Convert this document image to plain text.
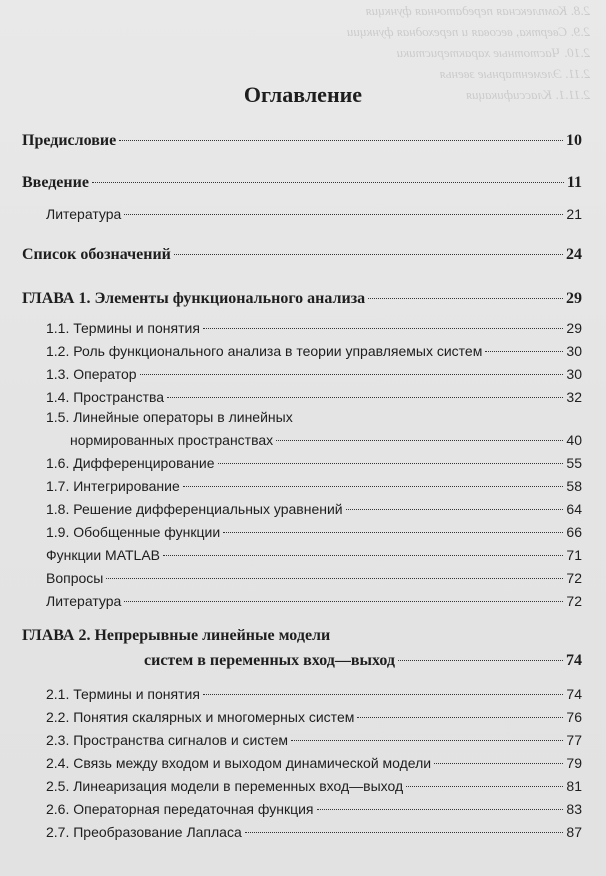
2.8. Комплексная передаточная функция
2.9. Свертка, весовая и переходная функции
2.10. Частотные характеристики
2.11. Элементарные звенья
2.11.1. Классификация
Оглавление
Предисловие	10
Введение	11
Литература	21
Список обозначений	24
ГЛАВА 1. Элементы функционального анализа	29
1.1. Термины и понятия	29
1.2. Роль функционального анализа в теории управляемых систем	30
1.3. Оператор	30
1.4. Пространства	32
1.5. Линейные операторы в линейных
нормированных пространствах	40
1.6. Дифференцирование	55
1.7. Интегрирование	58
1.8. Решение дифференциальных уравнений	64
1.9. Обобщенные функции	66
Функции MATLAB	71
Вопросы	72
Литература	72
ГЛАВА 2. Непрерывные линейные модели
систем в переменных вход—выход	74
2.1. Термины и понятия	74
2.2. Понятия скалярных и многомерных систем	76
2.3. Пространства сигналов и систем	77
2.4. Связь между входом и выходом динамической модели	79
2.5. Линеаризация модели в переменных вход—выход	81
2.6. Операторная передаточная функция	83
2.7. Преобразование Лапласа	87
